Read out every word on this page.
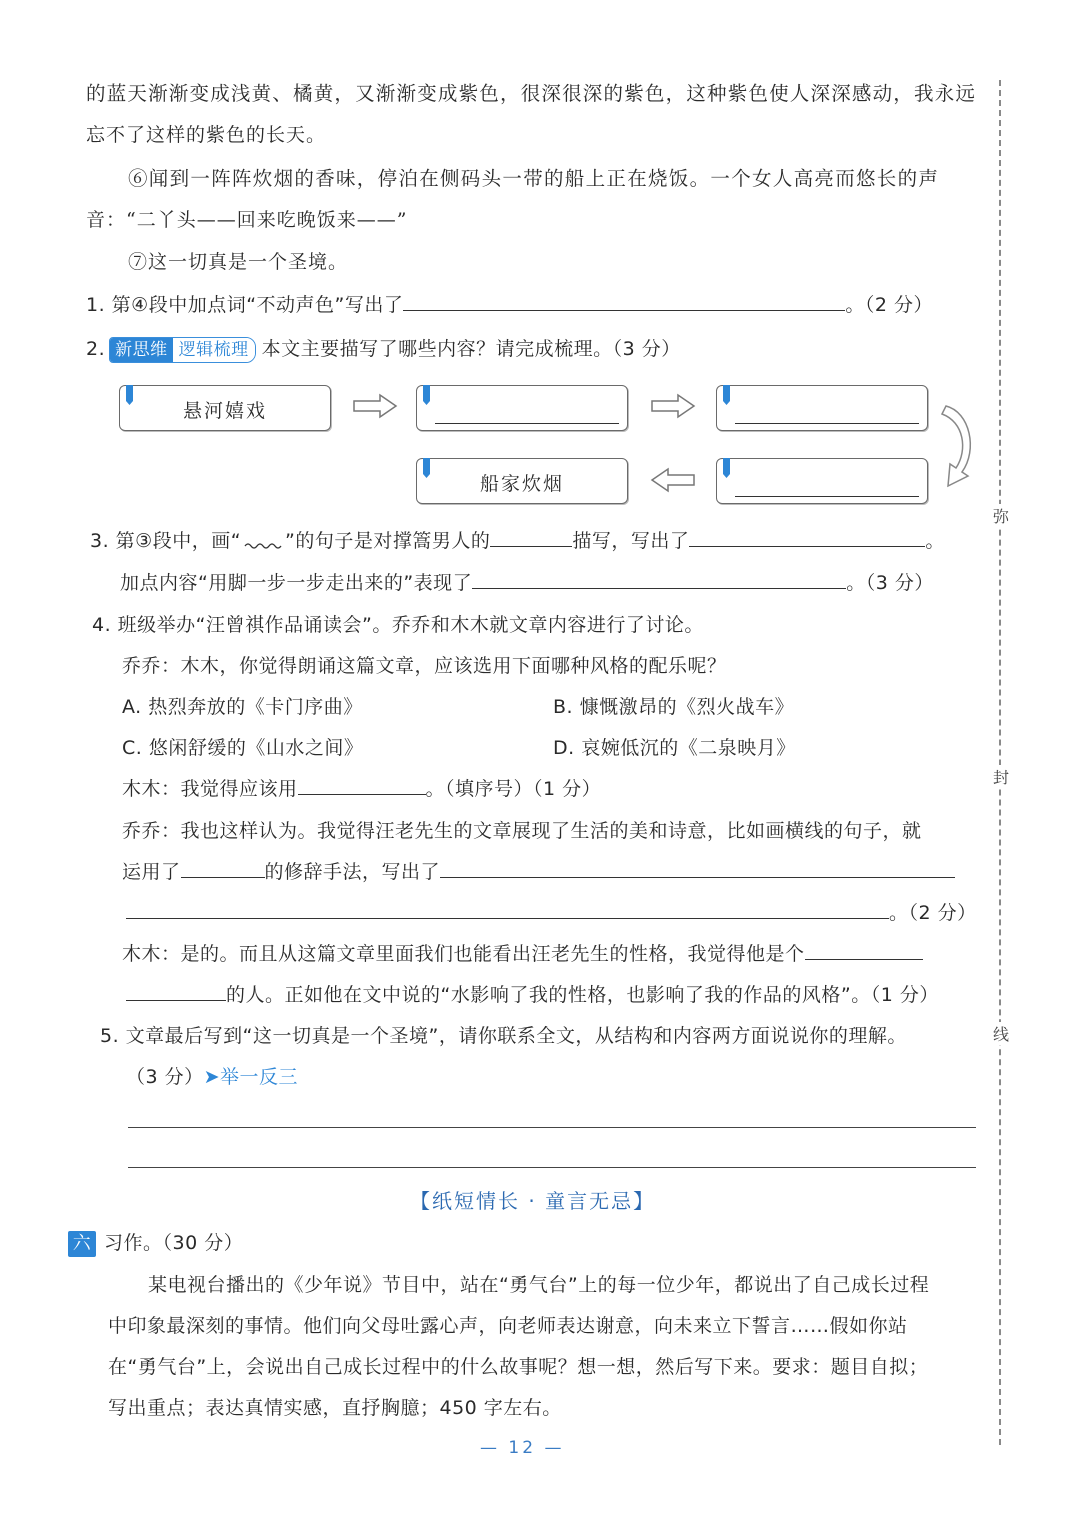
弥
封
线
的蓝天渐渐变成浅黄、橘黄，又渐渐变成紫色，很深很深的紫色，这种紫色使人深深感动，我永远
忘不了这样的紫色的长天。
⑥闻到一阵阵炊烟的香味，停泊在侧码头一带的船上正在烧饭。一个女人高亮而悠长的声
音：“二丫头——回来吃晚饭来——”
⑦这一切真是一个圣境。
1. 第④段中加点词“不动声色”写出了	。（2 分）
2. 新思维 逻辑梳理 本文主要描写了哪些内容？请完成梳理。（3 分）
悬河嬉戏
船家炊烟
3. 第③段中，画“ ”的句子是对撑篙男人的	描写，写出了	。
加点内容“用脚一步一步走出来的”表现了	。（3 分）
4. 班级举办“汪曾祺作品诵读会”。乔乔和木木就文章内容进行了讨论。
乔乔：木木，你觉得朗诵这篇文章，应该选用下面哪种风格的配乐呢？
A. 热烈奔放的《卡门序曲》	B. 慷慨激昂的《烈火战车》
C. 悠闲舒缓的《山水之间》	D. 哀婉低沉的《二泉映月》
木木：我觉得应该用	。（填序号）（1 分）
乔乔：我也这样认为。我觉得汪老先生的文章展现了生活的美和诗意，比如画横线的句子，就
运用了	的修辞手法，写出了
。（2 分）
木木：是的。而且从这篇文章里面我们也能看出汪老先生的性格，我觉得他是个
的人。正如他在文中说的“水影响了我的性格，也影响了我的作品的风格”。（1 分）
5. 文章最后写到“这一切真是一个圣境”，请你联系全文，从结构和内容两方面说说你的理解。
（3 分）➤举一反三
【纸短情长 · 童言无忌】
六 习作。（30 分）
某电视台播出的《少年说》节目中，站在“勇气台”上的每一位少年，都说出了自己成长过程
中印象最深刻的事情。他们向父母吐露心声，向老师表达谢意，向未来立下誓言……假如你站
在“勇气台”上，会说出自己成长过程中的什么故事呢？想一想，然后写下来。要求：题目自拟；
写出重点；表达真情实感，直抒胸臆；450 字左右。
— 12 —
